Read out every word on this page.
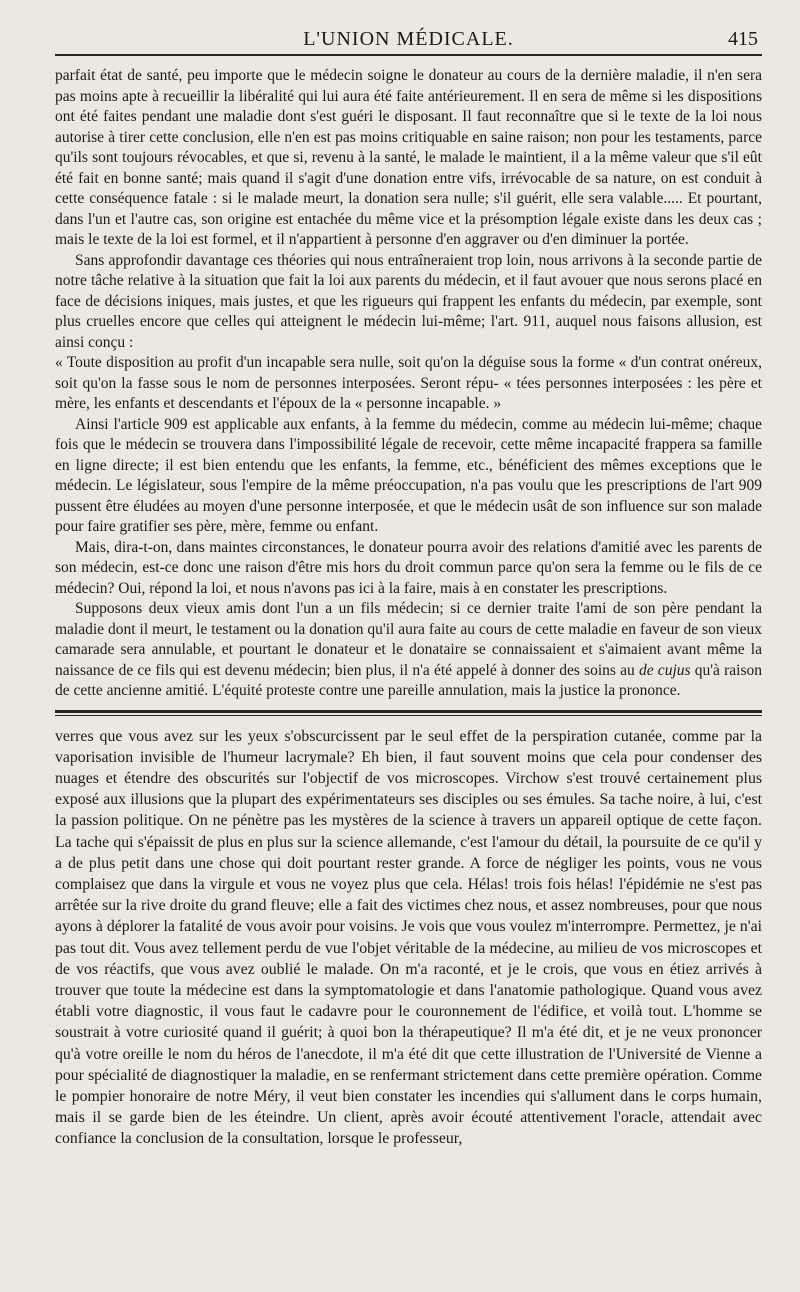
L'UNION MÉDICALE.	415

parfait état de santé, peu importe que le médecin soigne le donateur au cours de la dernière maladie, il n'en sera pas moins apte à recueillir la libéralité qui lui aura été faite antérieurement. Il en sera de même si les dispositions ont été faites pendant une maladie dont s'est guéri le disposant. Il faut reconnaître que si le texte de la loi nous autorise à tirer cette conclusion, elle n'en est pas moins critiquable en saine raison; non pour les testaments, parce qu'ils sont toujours révocables, et que si, revenu à la santé, le malade le maintient, il a la même valeur que s'il eût été fait en bonne santé; mais quand il s'agit d'une donation entre vifs, irrévocable de sa nature, on est conduit à cette conséquence fatale : si le malade meurt, la donation sera nulle; s'il guérit, elle sera valable..... Et pourtant, dans l'un et l'autre cas, son origine est entachée du même vice et la présomption légale existe dans les deux cas ; mais le texte de la loi est formel, et il n'appartient à personne d'en aggraver ou d'en diminuer la portée.

Sans approfondir davantage ces théories qui nous entraîneraient trop loin, nous arrivons à la seconde partie de notre tâche relative à la situation que fait la loi aux parents du médecin, et il faut avouer que nous serons placé en face de décisions iniques, mais justes, et que les rigueurs qui frappent les enfants du médecin, par exemple, sont plus cruelles encore que celles qui atteignent le médecin lui-même; l'art. 911, auquel nous faisons allusion, est ainsi conçu :

« Toute disposition au profit d'un incapable sera nulle, soit qu'on la déguise sous la forme « d'un contrat onéreux, soit qu'on la fasse sous le nom de personnes interposées. Seront répu- « tées personnes interposées : les père et mère, les enfants et descendants et l'époux de la « personne incapable. »

Ainsi l'article 909 est applicable aux enfants, à la femme du médecin, comme au médecin lui-même; chaque fois que le médecin se trouvera dans l'impossibilité légale de recevoir, cette même incapacité frappera sa famille en ligne directe; il est bien entendu que les enfants, la femme, etc., bénéficient des mêmes exceptions que le médecin. Le législateur, sous l'empire de la même préoccupation, n'a pas voulu que les prescriptions de l'art 909 pussent être éludées au moyen d'une personne interposée, et que le médecin usât de son influence sur son malade pour faire gratifier ses père, mère, femme ou enfant.

Mais, dira-t-on, dans maintes circonstances, le donateur pourra avoir des relations d'amitié avec les parents de son médecin, est-ce donc une raison d'être mis hors du droit commun parce qu'on sera la femme ou le fils de ce médecin? Oui, répond la loi, et nous n'avons pas ici à la faire, mais à en constater les prescriptions.

Supposons deux vieux amis dont l'un a un fils médecin; si ce dernier traite l'ami de son père pendant la maladie dont il meurt, le testament ou la donation qu'il aura faite au cours de cette maladie en faveur de son vieux camarade sera annulable, et pourtant le donateur et le donataire se connaissaient et s'aimaient avant même la naissance de ce fils qui est devenu médecin; bien plus, il n'a été appelé à donner des soins au de cujus qu'à raison de cette ancienne amitié. L'équité proteste contre une pareille annulation, mais la justice la prononce.

verres que vous avez sur les yeux s'obscurcissent par le seul effet de la perspiration cutanée, comme par la vaporisation invisible de l'humeur lacrymale? Eh bien, il faut souvent moins que cela pour condenser des nuages et étendre des obscurités sur l'objectif de vos microscopes. Virchow s'est trouvé certainement plus exposé aux illusions que la plupart des expérimentateurs ses disciples ou ses émules. Sa tache noire, à lui, c'est la passion politique. On ne pénètre pas les mystères de la science à travers un appareil optique de cette façon. La tache qui s'épaissit de plus en plus sur la science allemande, c'est l'amour du détail, la poursuite de ce qu'il y a de plus petit dans une chose qui doit pourtant rester grande. A force de négliger les points, vous ne vous complaisez que dans la virgule et vous ne voyez plus que cela. Hélas! trois fois hélas! l'épidémie ne s'est pas arrêtée sur la rive droite du grand fleuve; elle a fait des victimes chez nous, et assez nombreuses, pour que nous ayons à déplorer la fatalité de vous avoir pour voisins. Je vois que vous voulez m'interrompre. Permettez, je n'ai pas tout dit. Vous avez tellement perdu de vue l'objet véritable de la médecine, au milieu de vos microscopes et de vos réactifs, que vous avez oublié le malade. On m'a raconté, et je le crois, que vous en étiez arrivés à trouver que toute la médecine est dans la symptomatologie et dans l'anatomie pathologique. Quand vous avez établi votre diagnostic, il vous faut le cadavre pour le couronnement de l'édifice, et voilà tout. L'homme se soustrait à votre curiosité quand il guérit; à quoi bon la thérapeutique? Il m'a été dit, et je ne veux prononcer qu'à votre oreille le nom du héros de l'anecdote, il m'a été dit que cette illustration de l'Université de Vienne a pour spécialité de diagnostiquer la maladie, en se renfermant strictement dans cette première opération. Comme le pompier honoraire de notre Méry, il veut bien constater les incendies qui s'allument dans le corps humain, mais il se garde bien de les éteindre. Un client, après avoir écouté attentivement l'oracle, attendait avec confiance la conclusion de la consultation, lorsque le professeur,
